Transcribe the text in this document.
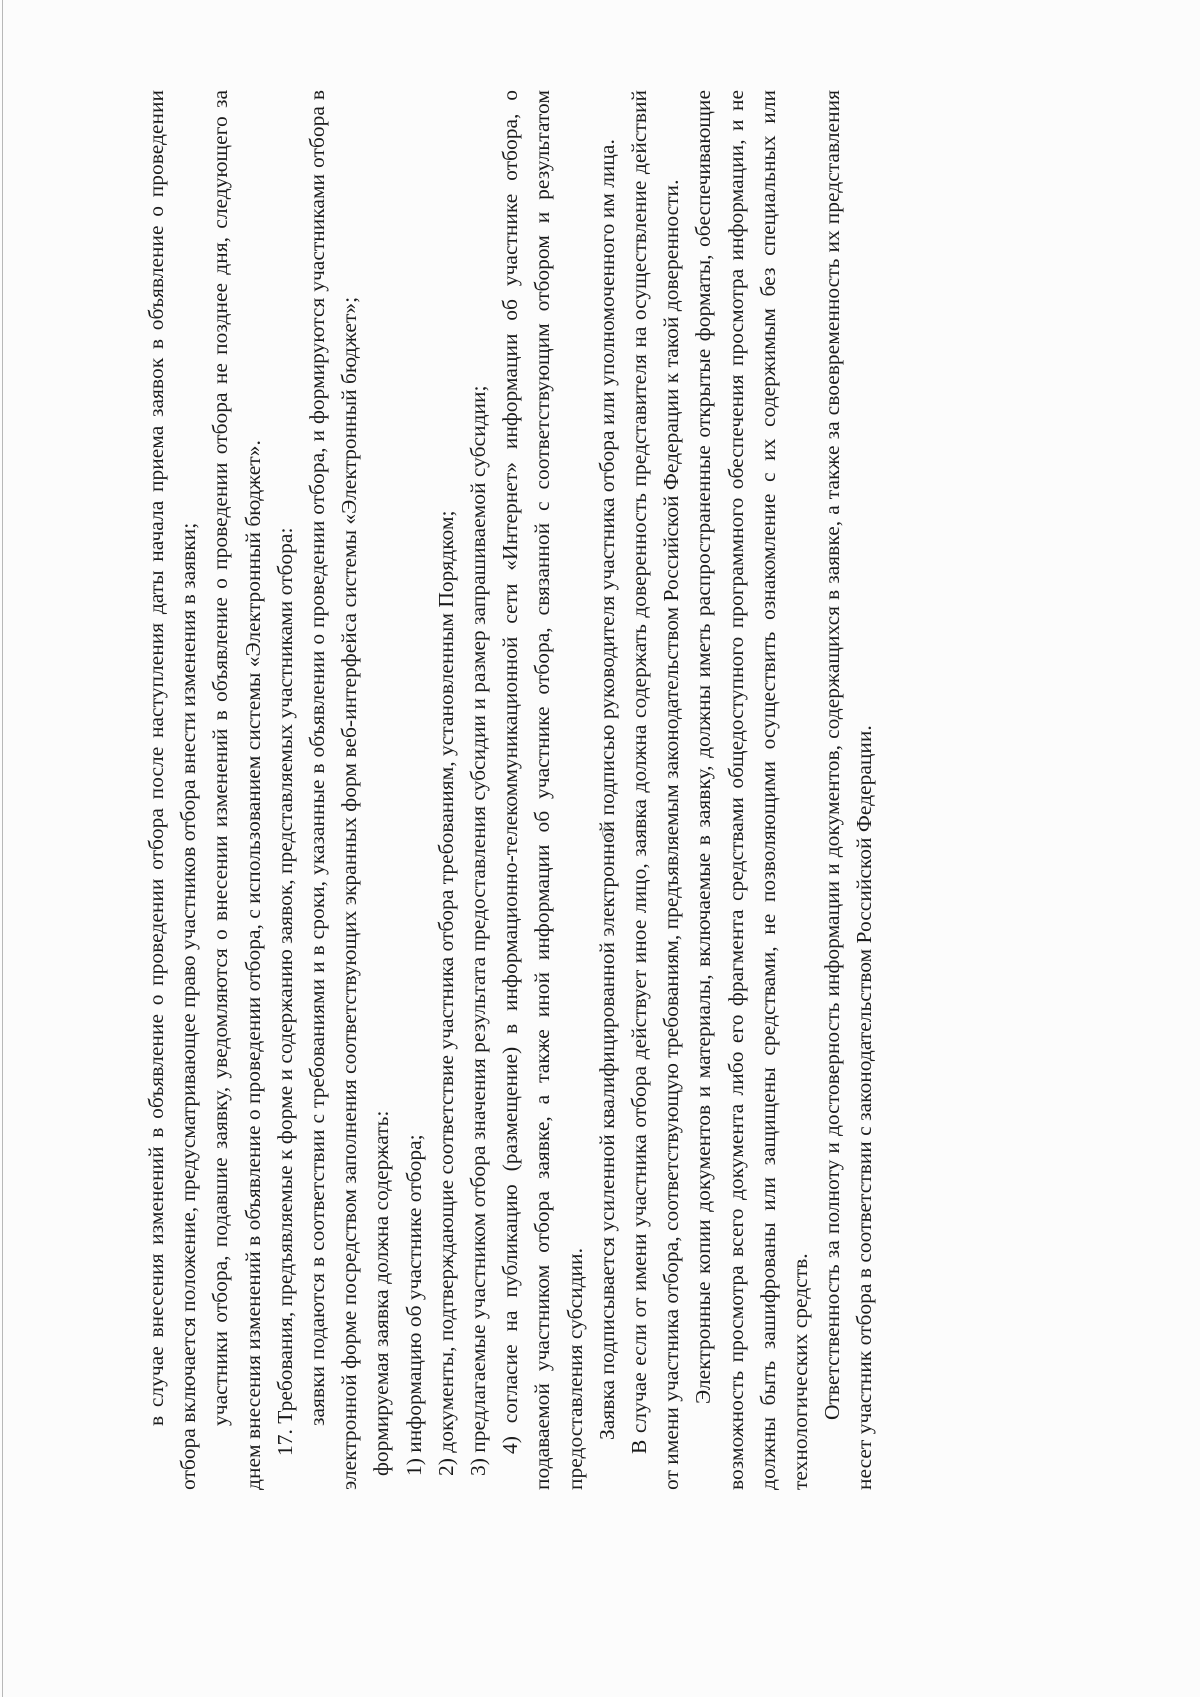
в случае внесения изменений в объявление о проведении отбора после наступления даты начала приема заявок в объявление о проведении отбора включается положение, предусматривающее право участников отбора внести изменения в заявки; участники отбора, подавшие заявку, уведомляются о внесении изменений в объявление о проведении отбора не позднее дня, следующего за днем внесения изменений в объявление о проведении отбора, с использованием системы «Электронный бюджет». 17. Требования, предъявляемые к форме и содержанию заявок, представляемых участниками отбора: заявки подаются в соответствии с требованиями и в сроки, указанные в объявлении о проведении отбора, и формируются участниками отбора в электронной форме посредством заполнения соответствующих экранных форм веб-интерфейса системы «Электронный бюджет»; формируемая заявка должна содержать: 1) информацию об участнике отбора; 2) документы, подтверждающие соответствие участника отбора требованиям, установленным Порядком; 3) предлагаемые участником отбора значения результата предоставления субсидии и размер запрашиваемой субсидии; 4) согласие на публикацию (размещение) в информационно-телекоммуникационной сети «Интернет» информации об участнике отбора, о подаваемой участником отбора заявке, а также иной информации об участнике отбора, связанной с соответствующим отбором и результатом предоставления субсидии. Заявка подписывается усиленной квалифицированной электронной подписью руководителя участника отбора или уполномоченного им лица. В случае если от имени участника отбора действует иное лицо, заявка должна содержать доверенность представителя на осуществление действий от имени участника отбора, соответствующую требованиям, предъявляемым законодательством Российской Федерации к такой доверенности. Электронные копии документов и материалы, включаемые в заявку, должны иметь распространенные открытые форматы, обеспечивающие возможность просмотра всего документа либо его фрагмента средствами общедоступного программного обеспечения просмотра информации, и не должны быть зашифрованы или защищены средствами, не позволяющими осуществить ознакомление с их содержимым без специальных или технологических средств. Ответственность за полноту и достоверность информации и документов, содержащихся в заявке, а также за своевременность их представления несет участник отбора в соответствии с законодательством Российской Федерации.
